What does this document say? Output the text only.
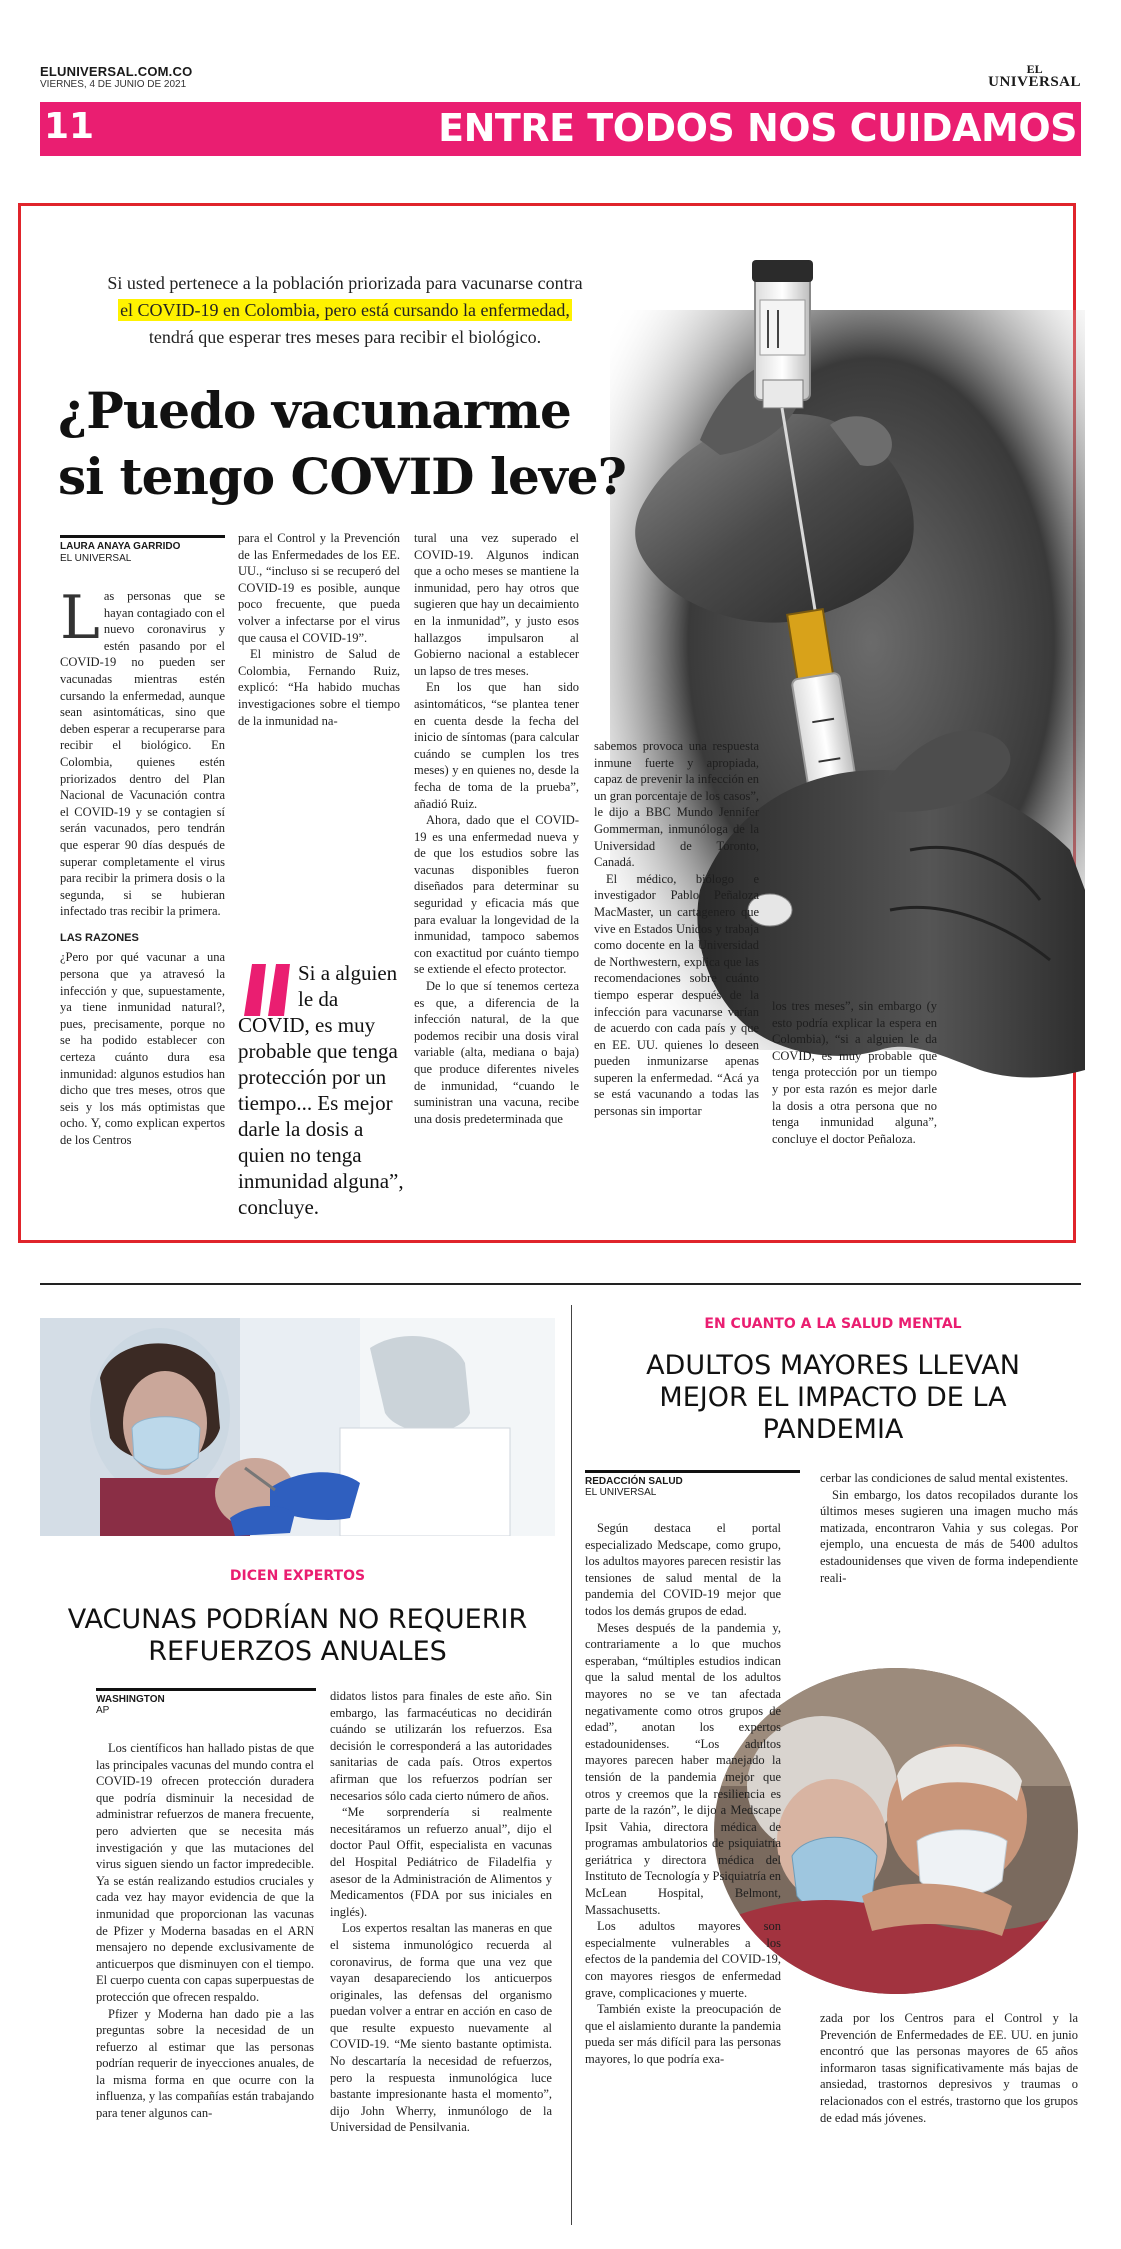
ELUNIVERSAL.COM.CO
VIERNES, 4 DE JUNIO DE 2021
EL
UNIVERSAL
11	ENTRE TODOS NOS CUIDAMOS
Si usted pertenece a la población priorizada para vacunarse contra
el COVID-19 en Colombia, pero está cursando la enfermedad,
tendrá que esperar tres meses para recibir el biológico.
¿Puedo vacunarme
si tengo COVID leve?
LAURA ANAYA GARRIDO
EL UNIVERSAL

Las personas que se hayan contagiado con el nuevo coronavirus y estén pasando por el COVID-19 no pueden ser vacunadas mientras estén cursando la enfermedad, aunque sean asintomáticas, sino que deben esperar a recuperarse para recibir el biológico. En Colombia, quienes estén priorizados dentro del Plan Nacional de Vacunación contra el COVID-19 y se contagien sí serán vacunados, pero tendrán que esperar 90 días después de superar completamente el virus para recibir la primera dosis o la segunda, si se hubieran infectado tras recibir la primera.

LAS RAZONES

¿Pero por qué vacunar a una persona que ya atravesó la infección y que, supuestamente, ya tiene inmunidad natural?, pues, precisamente, porque no se ha podido establecer con certeza cuánto dura esa inmunidad: algunos estudios han dicho que tres meses, otros que seis y los más optimistas que ocho. Y, como explican expertos de los Centros

para el Control y la Prevención de las Enfermedades de los EE. UU., “incluso si se recuperó del COVID-19 es posible, aunque poco frecuente, que pueda volver a infectarse por el virus que causa el COVID-19”.

El ministro de Salud de Colombia, Fernando Ruiz, explicó: “Ha habido muchas investigaciones sobre el tiempo de la inmunidad na-

Si a alguien le da
COVID, es muy probable que tenga protección por un tiempo... Es mejor darle la dosis a quien no tenga inmunidad alguna”, concluye.

tural una vez superado el COVID-19. Algunos indican que a ocho meses se mantiene la inmunidad, pero hay otros que sugieren que hay un decaimiento en la inmunidad”, y justo esos hallazgos impulsaron al Gobierno nacional a establecer un lapso de tres meses.

En los que han sido asintomáticos, “se plantea tener en cuenta desde la fecha del inicio de síntomas (para calcular cuándo se cumplen los tres meses) y en quienes no, desde la fecha de toma de la prueba”, añadió Ruiz.

Ahora, dado que el COVID-19 es una enfermedad nueva y de que los estudios sobre las vacunas disponibles fueron diseñados para determinar su seguridad y eficacia más que para evaluar la longevidad de la inmunidad, tampoco sabemos con exactitud por cuánto tiempo se extiende el efecto protector.

De lo que sí tenemos certeza es que, a diferencia de la infección natural, de la que podemos recibir una dosis viral variable (alta, mediana o baja) que produce diferentes niveles de inmunidad, “cuando le suministran una vacuna, recibe una dosis predeterminada que

sabemos provoca una respuesta inmune fuerte y apropiada, capaz de prevenir la infección en un gran porcentaje de los casos”, le dijo a BBC Mundo Jennifer Gommerman, inmunóloga de la Universidad de Toronto, Canadá.

El médico, biólogo e investigador Pablo Peñaloza MacMaster, un cartagenero que vive en Estados Unidos y trabaja como docente en la Universidad de Northwestern, explica que las recomendaciones sobre cuánto tiempo esperar después de la infección para vacunarse varían de acuerdo con cada país y que en EE. UU. quienes lo deseen pueden inmunizarse apenas superen la enfermedad. “Acá ya se está vacunando a todas las personas sin importar

los tres meses”, sin embargo (y esto podría explicar la espera en Colombia), “si a alguien le da COVID, es muy probable que tenga protección por un tiempo y por esta razón es mejor darle la dosis a otra persona que no tenga inmunidad alguna”, concluye el doctor Peñaloza.

DICEN EXPERTOS
VACUNAS PODRÍAN NO REQUERIR
REFUERZOS ANUALES
WASHINGTON
AP

Los científicos han hallado pistas de que las principales vacunas del mundo contra el COVID-19 ofrecen protección duradera que podría disminuir la necesidad de administrar refuerzos de manera frecuente, pero advierten que se necesita más investigación y que las mutaciones del virus siguen siendo un factor impredecible. Ya se están realizando estudios cruciales y cada vez hay mayor evidencia de que la inmunidad que proporcionan las vacunas de Pfizer y Moderna basadas en el ARN mensajero no depende exclusivamente de anticuerpos que disminuyen con el tiempo. El cuerpo cuenta con capas superpuestas de protección que ofrecen respaldo.

Pfizer y Moderna han dado pie a las preguntas sobre la necesidad de un refuerzo al estimar que las personas podrían requerir de inyecciones anuales, de la misma forma en que ocurre con la influenza, y las compañías están trabajando para tener algunos can-

didatos listos para finales de este año. Sin embargo, las farmacéuticas no decidirán cuándo se utilizarán los refuerzos. Esa decisión le corresponderá a las autoridades sanitarias de cada país. Otros expertos afirman que los refuerzos podrían ser necesarios sólo cada cierto número de años.

“Me sorprendería si realmente necesitáramos un refuerzo anual”, dijo el doctor Paul Offit, especialista en vacunas del Hospital Pediátrico de Filadelfia y asesor de la Administración de Alimentos y Medicamentos (FDA por sus iniciales en inglés).

Los expertos resaltan las maneras en que el sistema inmunológico recuerda al coronavirus, de forma que una vez que vayan desapareciendo los anticuerpos originales, las defensas del organismo puedan volver a entrar en acción en caso de que resulte expuesto nuevamente al COVID-19. “Me siento bastante optimista. No descartaría la necesidad de refuerzos, pero la respuesta inmunológica luce bastante impresionante hasta el momento”, dijo John Wherry, inmunólogo de la Universidad de Pensilvania.

EN CUANTO A LA SALUD MENTAL
ADULTOS MAYORES LLEVAN
MEJOR EL IMPACTO DE LA
PANDEMIA
REDACCIÓN SALUD
EL UNIVERSAL

Según destaca el portal especializado Medscape, como grupo, los adultos mayores parecen resistir las tensiones de salud mental de la pandemia del COVID-19 mejor que todos los demás grupos de edad.

Meses después de la pandemia y, contrariamente a lo que muchos esperaban, “múltiples estudios indican que la salud mental de los adultos mayores no se ve tan afectada negativamente como otros grupos de edad”, anotan los expertos estadounidenses. “Los adultos mayores parecen haber manejado la tensión de la pandemia mejor que otros y creemos que la resiliencia es parte de la razón”, le dijo a Medscape Ipsit Vahia, directora médica de programas ambulatorios de psiquiatría geriátrica y directora médica del Instituto de Tecnología y Psiquiatría en McLean Hospital, Belmont, Massachusetts.

Los adultos mayores son especialmente vulnerables a los efectos de la pandemia del COVID-19, con mayores riesgos de enfermedad grave, complicaciones y muerte.

También existe la preocupación de que el aislamiento durante la pandemia pueda ser más difícil para las personas mayores, lo que podría exa-

cerbar las condiciones de salud mental existentes.

Sin embargo, los datos recopilados durante los últimos meses sugieren una imagen mucho más matizada, encontraron Vahia y sus colegas. Por ejemplo, una encuesta de más de 5400 adultos estadounidenses que viven de forma independiente reali-

zada por los Centros para el Control y la Prevención de Enfermedades de EE. UU. en junio encontró que las personas mayores de 65 años informaron tasas significativamente más bajas de ansiedad, trastornos depresivos y traumas o relacionados con el estrés, trastorno que los grupos de edad más jóvenes.
